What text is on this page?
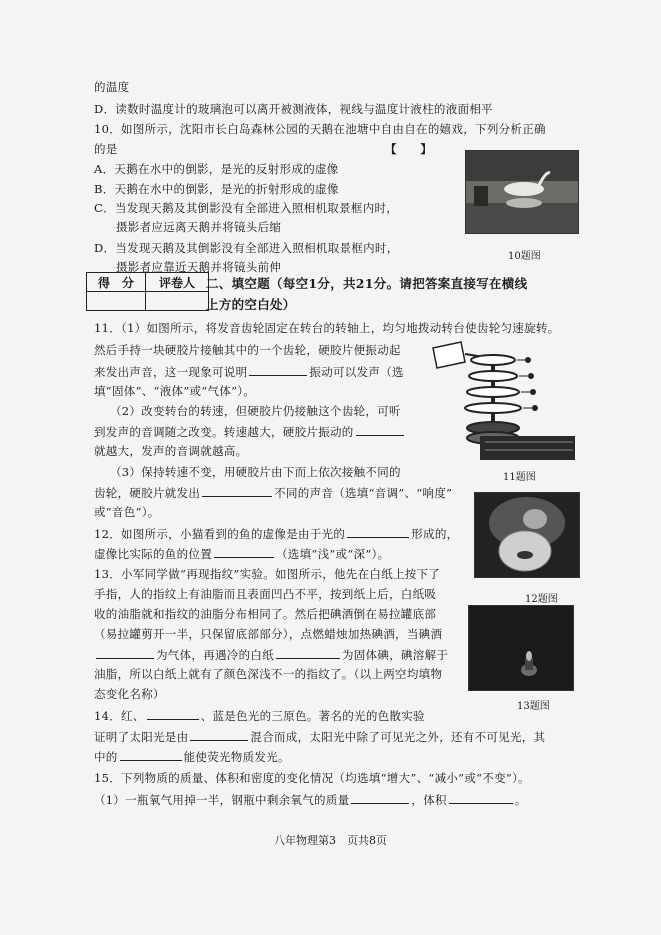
的温度
D．读数时温度计的玻璃泡可以离开被测液体，视线与温度计液柱的液面相平
10．如图所示，沈阳市长白岛森林公园的天鹅在池塘中自由自在的嬉戏，下列分析正确
的是	【　　】
A．天鹅在水中的倒影，是光的反射形成的虚像
B．天鹅在水中的倒影，是光的折射形成的虚像
C．当发现天鹅及其倒影没有全部进入照相机取景框内时，
摄影者应远离天鹅并将镜头后缩
D．当发现天鹅及其倒影没有全部进入照相机取景框内时，
摄影者应靠近天鹅并将镜头前伸
10题图
得　分	评卷人
	二、填空题（每空1分，共21分。请把答案直接写在横线
上方的空白处）
11．（1）如图所示，将发音齿轮固定在转台的转轴上，均匀地拨动转台使齿轮匀速旋转。
然后手持一块硬胶片接触其中的一个齿轮，硬胶片便振动起
来发出声音，这一现象可说明	振动可以发声（选
填“固体”、“液体”或“气体”）。
（2）改变转台的转速，但硬胶片仍接触这个齿轮，可听
到发声的音调随之改变。转速越大，硬胶片振动的
就越大，发声的音调就越高。
（3）保持转速不变，用硬胶片由下而上依次接触不同的
齿轮，硬胶片就发出	不同的声音（选填“音调”、“响度”
或“音色”）。
11题图
12．如图所示，小猫看到的鱼的虚像是由于光的	形成的，
虚像比实际的鱼的位置	（选填“浅”或“深”）。
12题图
13．小军同学做“再现指纹”实验。如图所示，他先在白纸上按下了
手指，人的指纹上有油脂而且表面凹凸不平，按到纸上后，白纸吸
收的油脂就和指纹的油脂分布相同了。然后把碘酒倒在易拉罐底部
（易拉罐剪开一半，只保留底部部分），点燃蜡烛加热碘酒，当碘酒
为气体，再遇冷的白纸	为固体碘，碘溶解于
油脂，所以白纸上就有了颜色深浅不一的指纹了。（以上两空均填物
态变化名称）
13题图
14．红、	、蓝是色光的三原色。著名的光的色散实验
证明了太阳光是由	混合而成，太阳光中除了可见光之外，还有不可见光，其
中的	能使荧光物质发光。
15．下列物质的质量、体积和密度的变化情况（均选填“增大”、“减小”或“不变”）。
（1）一瓶氧气用掉一半，钢瓶中剩余氧气的质量	，体积	。
八年物理第3　页共8页
